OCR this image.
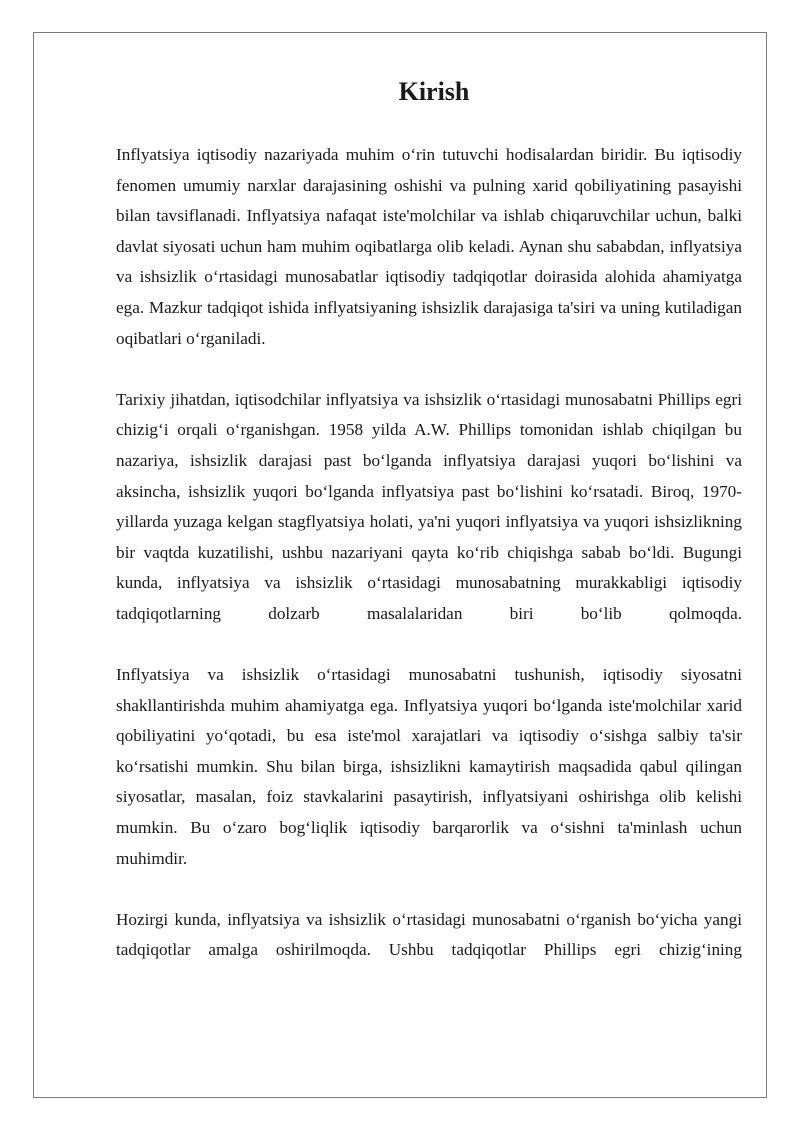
Kirish

Inflyatsiya iqtisodiy nazariyada muhim o‘rin tutuvchi hodisalardan biridir. Bu iqtisodiy fenomen umumiy narxlar darajasining oshishi va pulning xarid qobiliyatining pasayishi bilan tavsiflanadi. Inflyatsiya nafaqat iste'molchilar va ishlab chiqaruvchilar uchun, balki davlat siyosati uchun ham muhim oqibatlarga olib keladi. Aynan shu sababdan, inflyatsiya va ishsizlik o‘rtasidagi munosabatlar iqtisodiy tadqiqotlar doirasida alohida ahamiyatga ega. Mazkur tadqiqot ishida inflyatsiyaning ishsizlik darajasiga ta'siri va uning kutiladigan oqibatlari o‘rganiladi.

Tarixiy jihatdan, iqtisodchilar inflyatsiya va ishsizlik o‘rtasidagi munosabatni Phillips egri chizig‘i orqali o‘rganishgan. 1958 yilda A.W. Phillips tomonidan ishlab chiqilgan bu nazariya, ishsizlik darajasi past bo‘lganda inflyatsiya darajasi yuqori bo‘lishini va aksincha, ishsizlik yuqori bo‘lganda inflyatsiya past bo‘lishini ko‘rsatadi. Biroq, 1970-yillarda yuzaga kelgan stagflyatsiya holati, ya'ni yuqori inflyatsiya va yuqori ishsizlikning bir vaqtda kuzatilishi, ushbu nazariyani qayta ko‘rib chiqishga sabab bo‘ldi. Bugungi kunda, inflyatsiya va ishsizlik o‘rtasidagi munosabatning murakkabligi iqtisodiy tadqiqotlarning dolzarb masalalaridan biri bo‘lib qolmoqda.

Inflyatsiya va ishsizlik o‘rtasidagi munosabatni tushunish, iqtisodiy siyosatni shakllantirishda muhim ahamiyatga ega. Inflyatsiya yuqori bo‘lganda iste'molchilar xarid qobiliyatini yo‘qotadi, bu esa iste'mol xarajatlari va iqtisodiy o‘sishga salbiy ta'sir ko‘rsatishi mumkin. Shu bilan birga, ishsizlikni kamaytirish maqsadida qabul qilingan siyosatlar, masalan, foiz stavkalarini pasaytirish, inflyatsiyani oshirishga olib kelishi mumkin. Bu o‘zaro bog‘liqlik iqtisodiy barqarorlik va o‘sishni ta'minlash uchun muhimdir.

Hozirgi kunda, inflyatsiya va ishsizlik o‘rtasidagi munosabatni o‘rganish bo‘yicha yangi tadqiqotlar amalga oshirilmoqda. Ushbu tadqiqotlar Phillips egri chizig‘ining
